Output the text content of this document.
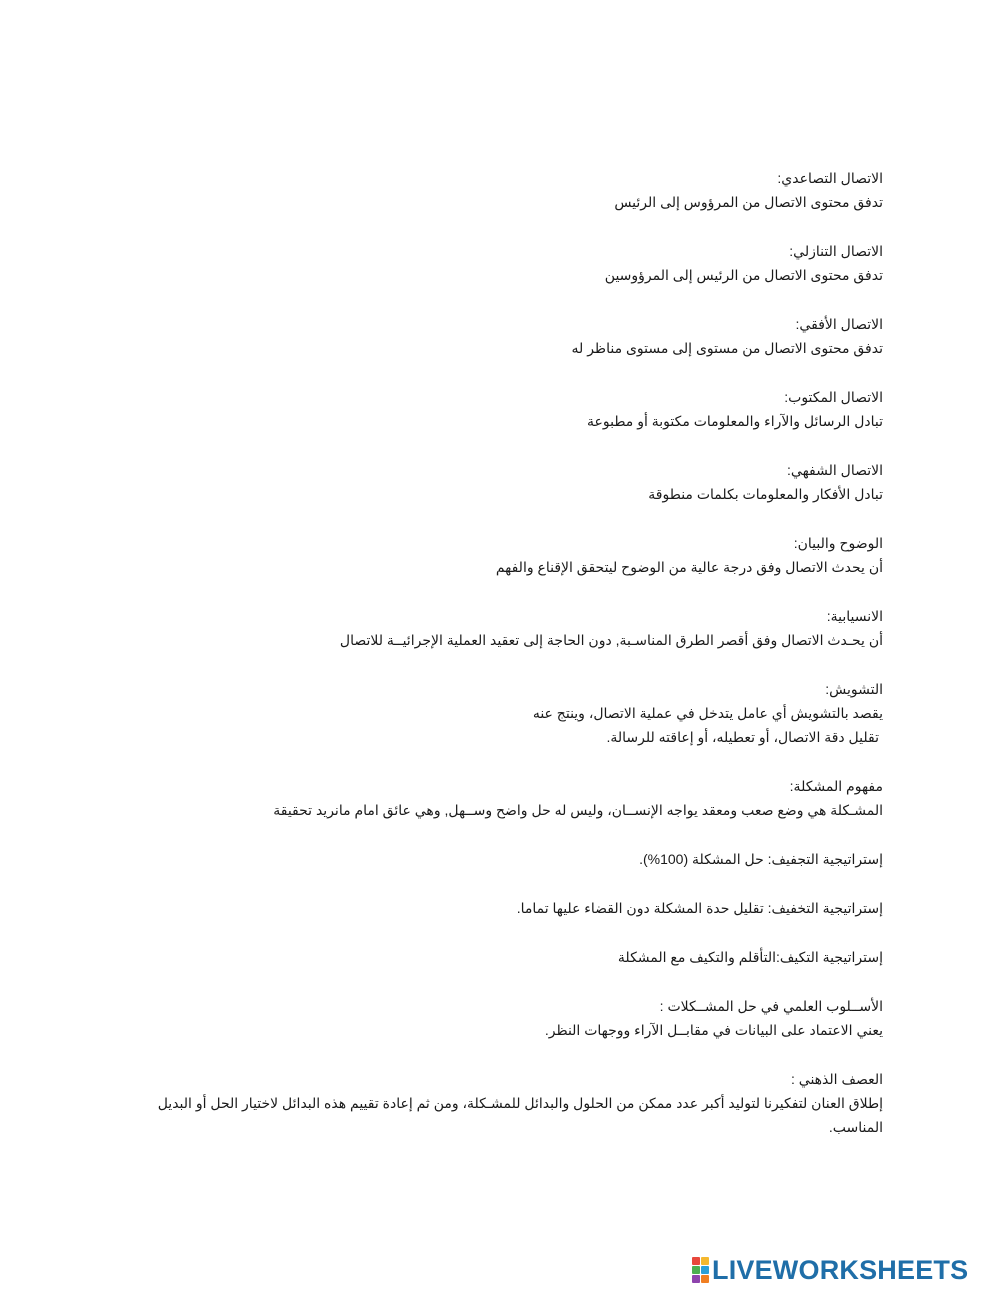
الاتصال التصاعدي:
تدفق محتوى الاتصال من المرؤوس إلى الرئيس
الاتصال التنازلي:
تدفق محتوى الاتصال من الرئيس إلى المرؤوسين
الاتصال الأفقي:
تدفق محتوى الاتصال من مستوى إلى مستوى مناظر له
الاتصال المكتوب:
تبادل الرسائل والآراء والمعلومات مكتوبة أو مطبوعة
الاتصال الشفهي:
تبادل الأفكار والمعلومات بكلمات منطوقة
الوضوح والبيان:
أن يحدث الاتصال وفق درجة عالية من الوضوح ليتحقق الإقناع والفهم
الانسيابية:
أن يحـدث الاتصال وفق أقصر الطرق المناسـبة, دون الحاجة إلى تعقيد العملية الإجرائيــة للاتصال
التشويش:
يقصد بالتشويش أي عامل يتدخل في عملية الاتصال، وينتج عنه
تقليل دقة الاتصال، أو تعطيله، أو إعاقته للرسالة.
مفهوم المشكلة:
المشـكلة هي وضع صعب ومعقد يواجه الإنســان، وليس له حل واضح وســهل, وهي عائق امام مانريد تحقيقة
إستراتيجية التجفيف: حل المشكلة (100%).
إستراتيجية التخفيف: تقليل حدة المشكلة دون القضاء عليها تماما.
إستراتيجية التكيف:التأقلم والتكيف مع المشكلة
الأســلوب العلمي في حل المشــكلات :
يعني الاعتماد على البيانات في مقابــل الآراء ووجهات النظر.
العصف الذهني :
إطلاق العنان لتفكيرنا لتوليد أكبر عدد ممكن من الحلول والبدائل للمشـكلة، ومن ثم إعادة تقييم هذه البدائل لاختيار الحل أو البديل المناسب.
LIVEWORKSHEETS
